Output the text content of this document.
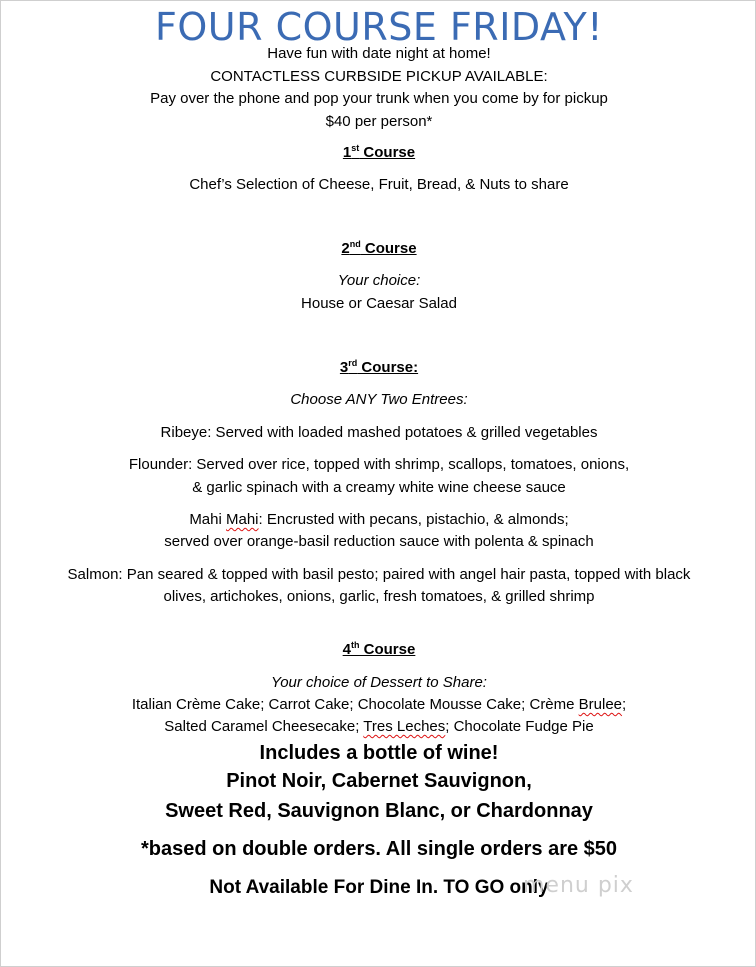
FOUR COURSE FRIDAY!
Have fun with date night at home!
CONTACTLESS CURBSIDE PICKUP AVAILABLE:
Pay over the phone and pop your trunk when you come by for pickup
$40 per person*
1st Course
Chef’s Selection of Cheese, Fruit, Bread, & Nuts to share
2nd Course
Your choice:
House or Caesar Salad
3rd Course:
Choose ANY Two Entrees:
Ribeye: Served with loaded mashed potatoes & grilled vegetables
Flounder: Served over rice, topped with shrimp, scallops, tomatoes, onions,
& garlic spinach with a creamy white wine cheese sauce
Mahi Mahi: Encrusted with pecans, pistachio, & almonds;
served over orange-basil reduction sauce with polenta & spinach
Salmon: Pan seared & topped with basil pesto; paired with angel hair pasta, topped with black
olives, artichokes, onions, garlic, fresh tomatoes, & grilled shrimp
4th Course
Your choice of Dessert to Share:
Italian Crème Cake; Carrot Cake; Chocolate Mousse Cake; Crème Brulee;
Salted Caramel Cheesecake; Tres Leches; Chocolate Fudge Pie
Includes a bottle of wine!
Pinot Noir, Cabernet Sauvignon,
Sweet Red, Sauvignon Blanc, or Chardonnay
*based on double orders. All single orders are $50
Not Available For Dine In. TO GO only
menu pix
